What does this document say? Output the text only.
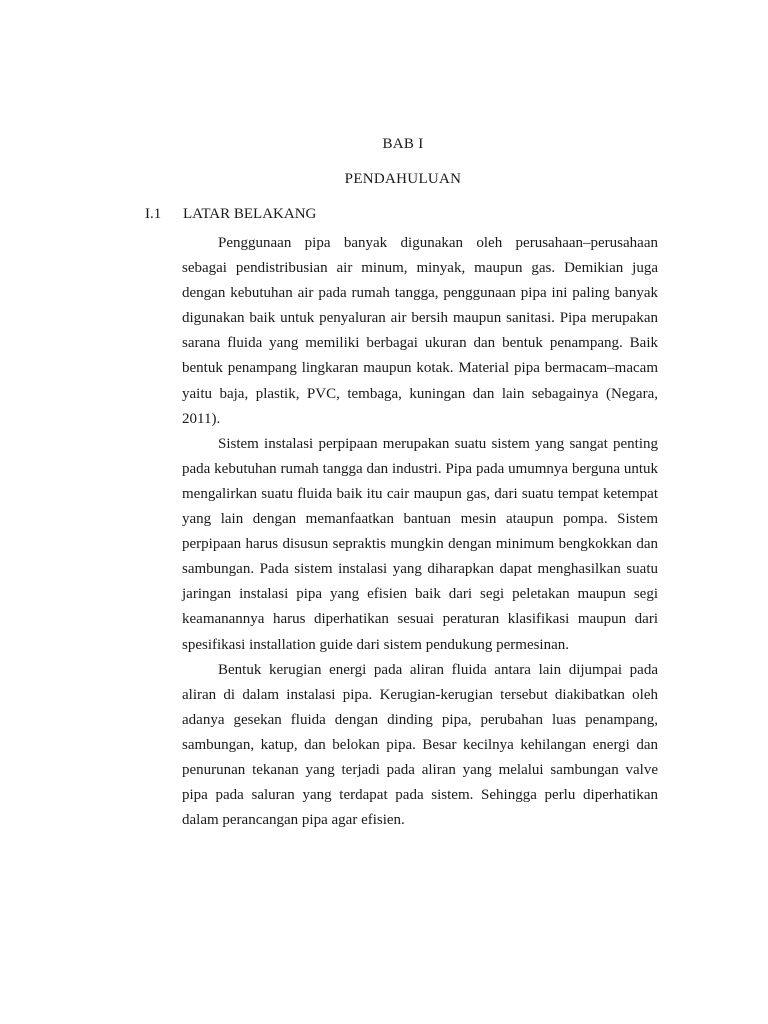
BAB I
PENDAHULUAN
I.1 LATAR BELAKANG

Penggunaan pipa banyak digunakan oleh perusahaan–perusahaan sebagai pendistribusian air minum, minyak, maupun gas. Demikian juga dengan kebutuhan air pada rumah tangga, penggunaan pipa ini paling banyak digunakan baik untuk penyaluran air bersih maupun sanitasi. Pipa merupakan sarana fluida yang memiliki berbagai ukuran dan bentuk penampang. Baik bentuk penampang lingkaran maupun kotak. Material pipa bermacam–macam yaitu baja, plastik, PVC, tembaga, kuningan dan lain sebagainya (Negara, 2011).

Sistem instalasi perpipaan merupakan suatu sistem yang sangat penting pada kebutuhan rumah tangga dan industri. Pipa pada umumnya berguna untuk mengalirkan suatu fluida baik itu cair maupun gas, dari suatu tempat ketempat yang lain dengan memanfaatkan bantuan mesin ataupun pompa. Sistem perpipaan harus disusun sepraktis mungkin dengan minimum bengkokkan dan sambungan. Pada sistem instalasi yang diharapkan dapat menghasilkan suatu jaringan instalasi pipa yang efisien baik dari segi peletakan maupun segi keamanannya harus diperhatikan sesuai peraturan klasifikasi maupun dari spesifikasi installation guide dari sistem pendukung permesinan.

Bentuk kerugian energi pada aliran fluida antara lain dijumpai pada aliran di dalam instalasi pipa. Kerugian-kerugian tersebut diakibatkan oleh adanya gesekan fluida dengan dinding pipa, perubahan luas penampang, sambungan, katup, dan belokan pipa. Besar kecilnya kehilangan energi dan penurunan tekanan yang terjadi pada aliran yang melalui sambungan valve pipa pada saluran yang terdapat pada sistem. Sehingga perlu diperhatikan dalam perancangan pipa agar efisien.
